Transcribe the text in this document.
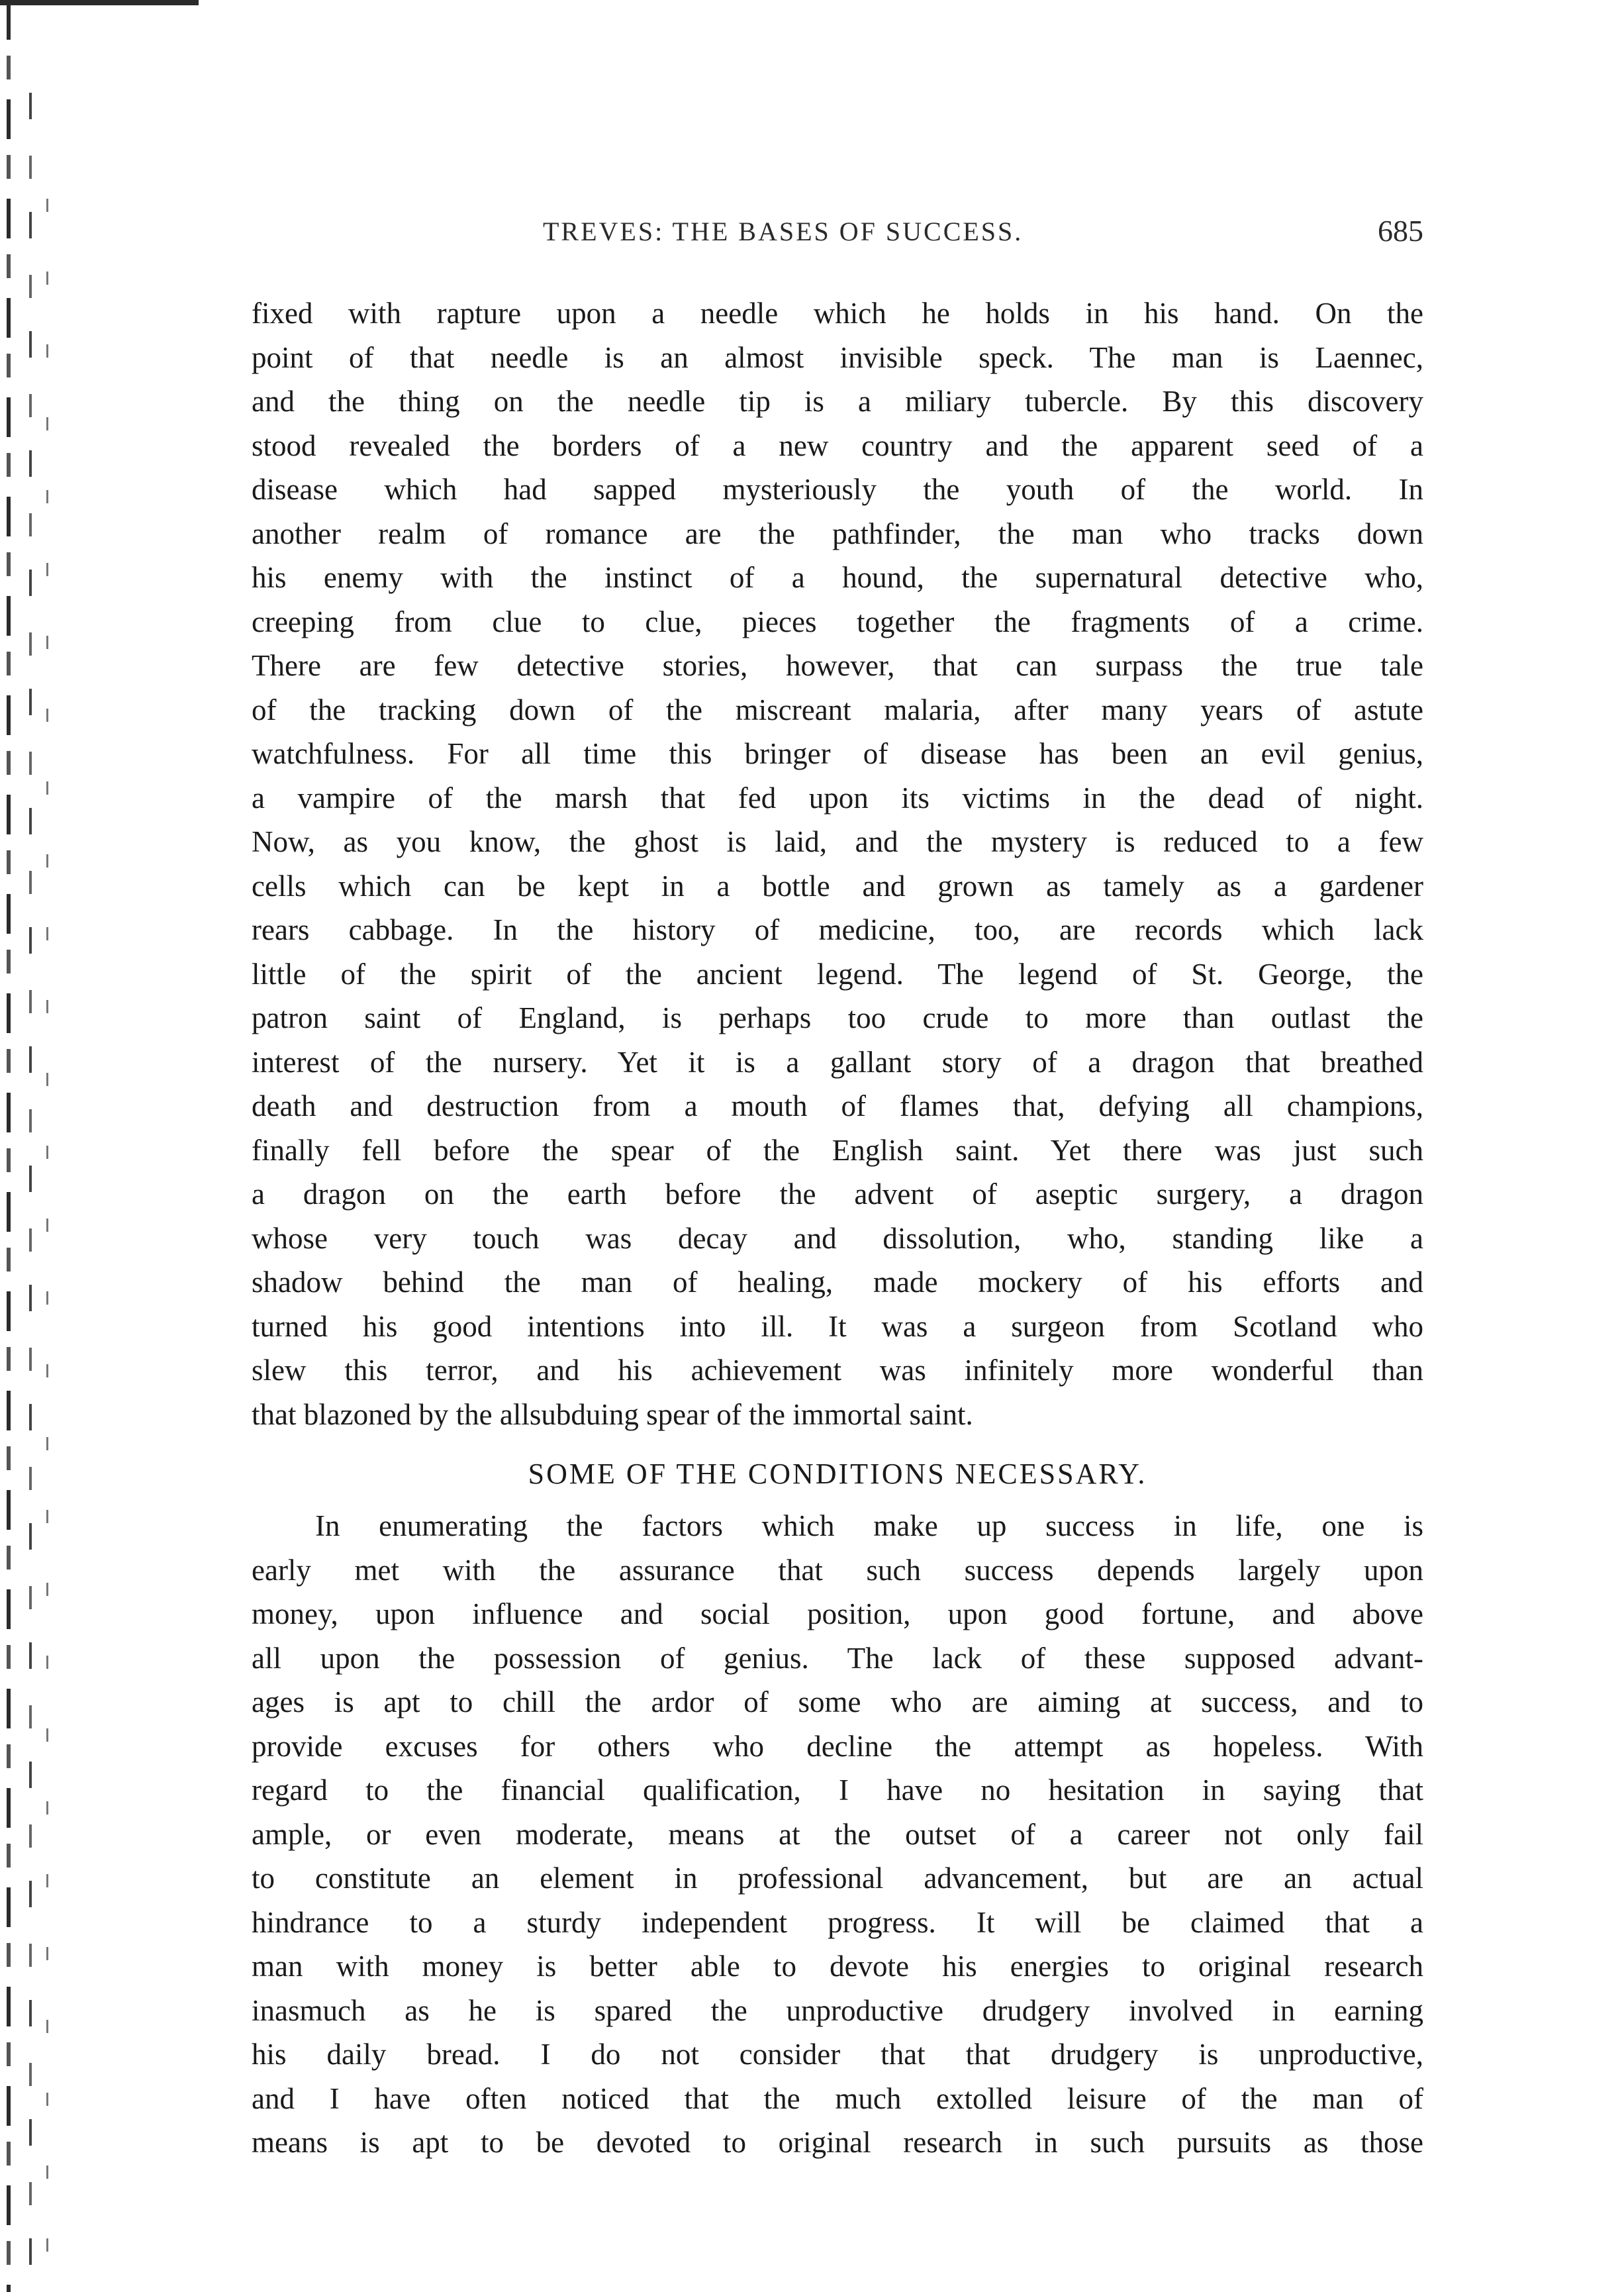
TREVES: THE BASES OF SUCCESS.	685
fixed with rapture upon a needle which he holds in his hand. On the
point of that needle is an almost invisible speck. The man is Laennec,
and the thing on the needle tip is a miliary tubercle. By this discovery
stood revealed the borders of a new country and the apparent seed of a
disease which had sapped mysteriously the youth of the world. In
another realm of romance are the pathfinder, the man who tracks down
his enemy with the instinct of a hound, the supernatural detective who,
creeping from clue to clue, pieces together the fragments of a crime.
There are few detective stories, however, that can surpass the true tale
of the tracking down of the miscreant malaria, after many years of astute
watchfulness. For all time this bringer of disease has been an evil genius,
a vampire of the marsh that fed upon its victims in the dead of night.
Now, as you know, the ghost is laid, and the mystery is reduced to a few
cells which can be kept in a bottle and grown as tamely as a gardener
rears cabbage. In the history of medicine, too, are records which lack
little of the spirit of the ancient legend. The legend of St. George, the
patron saint of England, is perhaps too crude to more than outlast the
interest of the nursery. Yet it is a gallant story of a dragon that breathed
death and destruction from a mouth of flames that, defying all champions,
finally fell before the spear of the English saint. Yet there was just such
a dragon on the earth before the advent of aseptic surgery, a dragon
whose very touch was decay and dissolution, who, standing like a
shadow behind the man of healing, made mockery of his efforts and
turned his good intentions into ill. It was a surgeon from Scotland who
slew this terror, and his achievement was infinitely more wonderful than
that blazoned by the allsubduing spear of the immortal saint.
SOME OF THE CONDITIONS NECESSARY.
In enumerating the factors which make up success in life, one is
early met with the assurance that such success depends largely upon
money, upon influence and social position, upon good fortune, and above
all upon the possession of genius. The lack of these supposed advant-
ages is apt to chill the ardor of some who are aiming at success, and to
provide excuses for others who decline the attempt as hopeless. With
regard to the financial qualification, I have no hesitation in saying that
ample, or even moderate, means at the outset of a career not only fail
to constitute an element in professional advancement, but are an actual
hindrance to a sturdy independent progress. It will be claimed that a
man with money is better able to devote his energies to original research
inasmuch as he is spared the unproductive drudgery involved in earning
his daily bread. I do not consider that that drudgery is unproductive,
and I have often noticed that the much extolled leisure of the man of
means is apt to be devoted to original research in such pursuits as those
